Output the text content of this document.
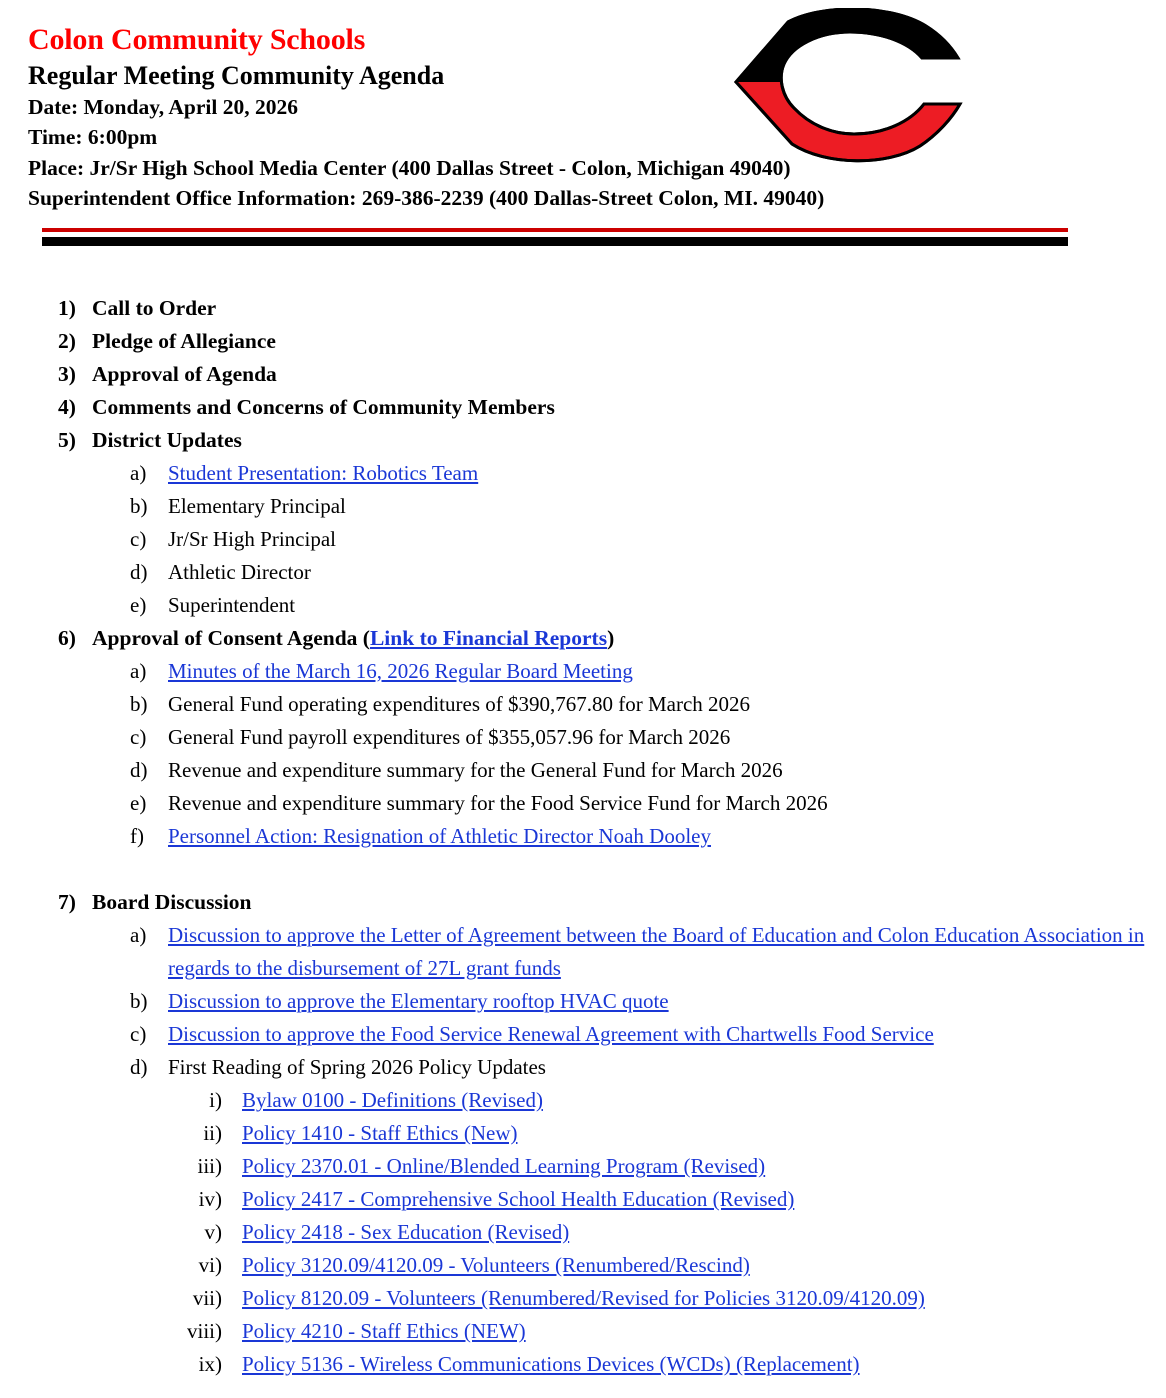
Colon Community Schools
Regular Meeting Community Agenda
Date: Monday, April 20, 2026
Time: 6:00pm
Place: Jr/Sr High School Media Center (400 Dallas Street - Colon, Michigan 49040)
Superintendent Office Information: 269-386-2239 (400 Dallas-Street Colon, MI. 49040)
1) Call to Order
2) Pledge of Allegiance
3) Approval of Agenda
4) Comments and Concerns of Community Members
5) District Updates
a)	Student Presentation: Robotics Team
b) Elementary Principal
c)	Jr/Sr High Principal
d) Athletic Director
e)	Superintendent
6) Approval of Consent Agenda (Link to Financial Reports)
a)	Minutes of the March 16, 2026 Regular Board Meeting
b) General Fund operating expenditures of $390,767.80 for March 2026
c)	General Fund payroll expenditures of $355,057.96 for March 2026
d) Revenue and expenditure summary for the General Fund for March 2026
e)	Revenue and expenditure summary for the Food Service Fund for March 2026
f)	Personnel Action: Resignation of Athletic Director Noah Dooley
7) Board Discussion
a)	Discussion to approve the Letter of Agreement between the Board of Education and Colon Education Association in regards to the disbursement of 27L grant funds
b) Discussion to approve the Elementary rooftop HVAC quote
c)	Discussion to approve the Food Service Renewal Agreement with Chartwells Food Service
d) First Reading of Spring 2026 Policy Updates
i) Bylaw 0100 - Definitions (Revised)
ii) Policy 1410 - Staff Ethics (New)
iii) Policy 2370.01 - Online/Blended Learning Program (Revised)
iv) Policy 2417 - Comprehensive School Health Education (Revised)
v) Policy 2418 - Sex Education (Revised)
vi) Policy 3120.09/4120.09 - Volunteers (Renumbered/Rescind)
vii) Policy 8120.09 - Volunteers (Renumbered/Revised for Policies 3120.09/4120.09)
viii) Policy 4210 - Staff Ethics (NEW)
ix) Policy 5136 - Wireless Communications Devices (WCDs) (Replacement)
